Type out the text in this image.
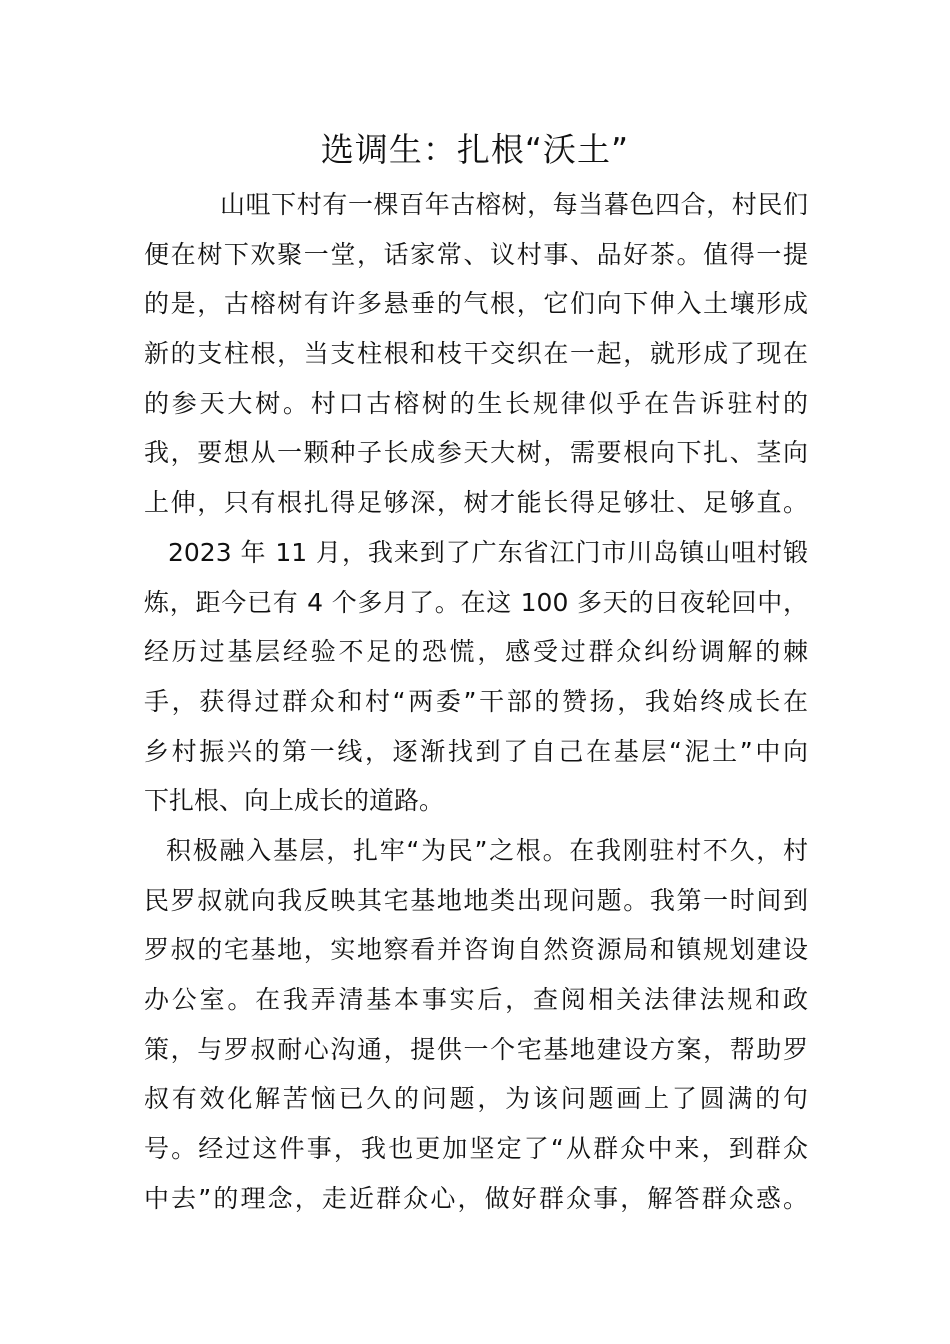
选调生：扎根“沃土”
山咀下村有一棵百年古榕树，每当暮色四合，村民们
便在树下欢聚一堂，话家常、议村事、品好茶。值得一提
的是，古榕树有许多悬垂的气根，它们向下伸入土壤形成
新的支柱根，当支柱根和枝干交织在一起，就形成了现在
的参天大树。村口古榕树的生长规律似乎在告诉驻村的
我，要想从一颗种子长成参天大树，需要根向下扎、茎向
上伸，只有根扎得足够深，树才能长得足够壮、足够直。
2023 年 11 月，我来到了广东省江门市川岛镇山咀村锻
炼，距今已有 4 个多月了。在这 100 多天的日夜轮回中，
经历过基层经验不足的恐慌，感受过群众纠纷调解的棘
手，获得过群众和村“两委”干部的赞扬，我始终成长在
乡村振兴的第一线，逐渐找到了自己在基层“泥土”中向
下扎根、向上成长的道路。
积极融入基层，扎牢“为民”之根。在我刚驻村不久，村
民罗叔就向我反映其宅基地地类出现问题。我第一时间到
罗叔的宅基地，实地察看并咨询自然资源局和镇规划建设
办公室。在我弄清基本事实后，查阅相关法律法规和政
策，与罗叔耐心沟通，提供一个宅基地建设方案，帮助罗
叔有效化解苦恼已久的问题，为该问题画上了圆满的句
号。经过这件事，我也更加坚定了“从群众中来，到群众
中去”的理念，走近群众心，做好群众事，解答群众惑。
